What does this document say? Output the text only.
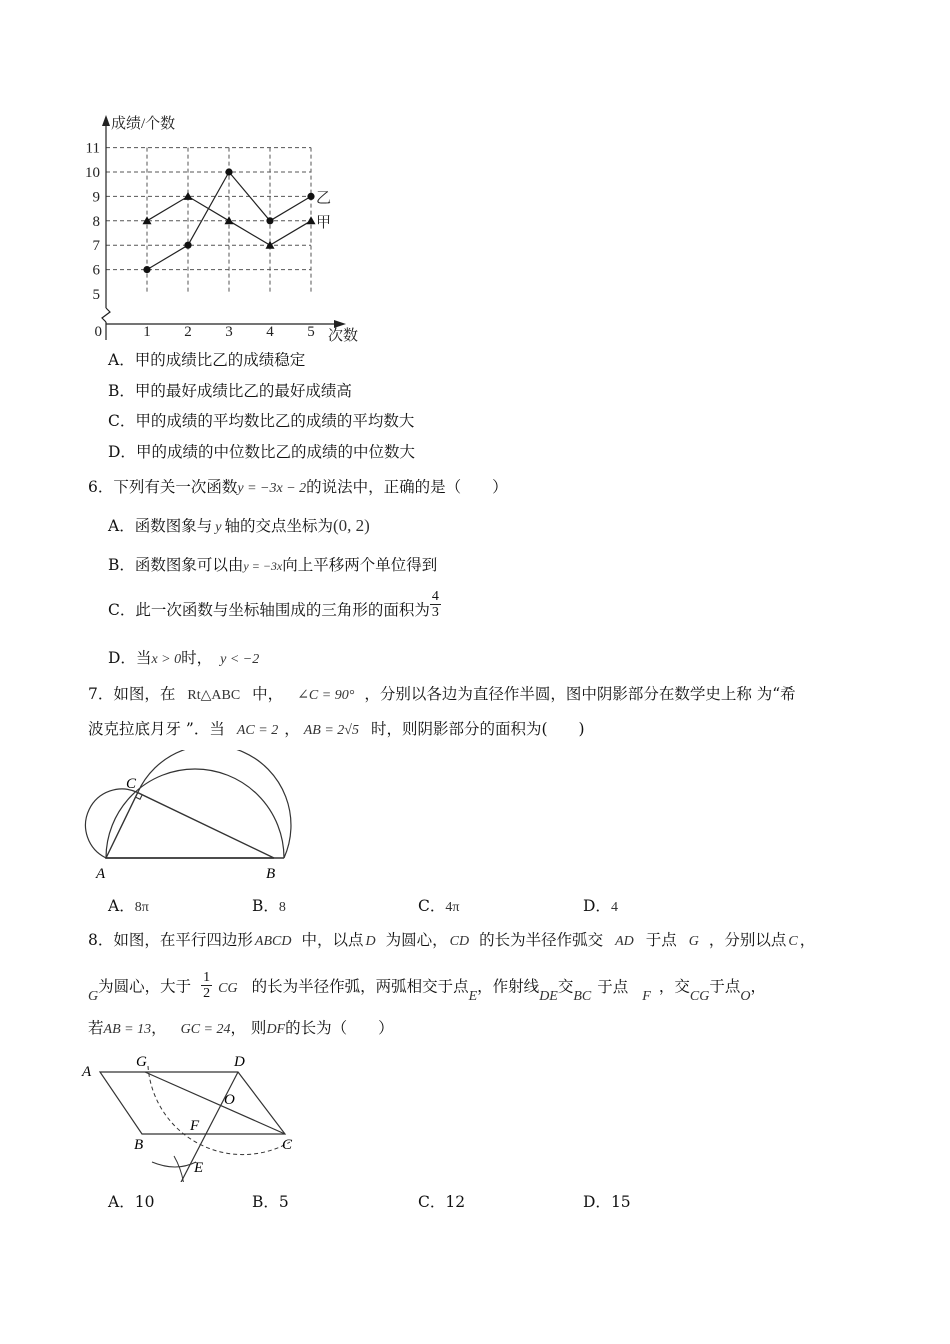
5
6
7
8
9
10
11
1 2 3 4 5
0
成绩/个数
次数
甲
乙
A．甲的成绩比乙的成绩稳定
B．甲的最好成绩比乙的最好成绩高
C．甲的成绩的平均数比乙的成绩的平均数大
D．甲的成绩的中位数比乙的成绩的中位数大
6．下列有关一次函数y = −3x − 2的说法中，正确的是（　　）
A．函数图象与 y 轴的交点坐标为(0, 2)
B．函数图象可以由y = −3x向上平移两个单位得到
C．此一次函数与坐标轴围成的三角形的面积为 $\frac{4}{3}$
D．当x > 0时， y < −2
7．如图，在 Rt△ABC 中， ∠C = 90° ，分别以各边为直径作半圆，图中阴影部分在数学史上称 为“希
波克拉底月牙 ”．当 AC = 2 ， AB = 2√5 时，则阴影部分的面积为(　　)
A	B
C
A．8π	B．8	C．4π	D．4
8．如图，在平行四边形 ABCD 中，以点 D 为圆心， CD 的长为半径作弧交 AD 于点 G ，分别以点 C ，
G为圆心，大于 $\frac{1}{2}$ CG 的长为半径作弧，两弧相交于点E，作射线DE交BC于点F，交CG于点O，
若AB = 13， GC = 24， 则DF的长为（　　）
A
G	D
O
F
B	C
E
A．10	B．5	C．12	D．15
